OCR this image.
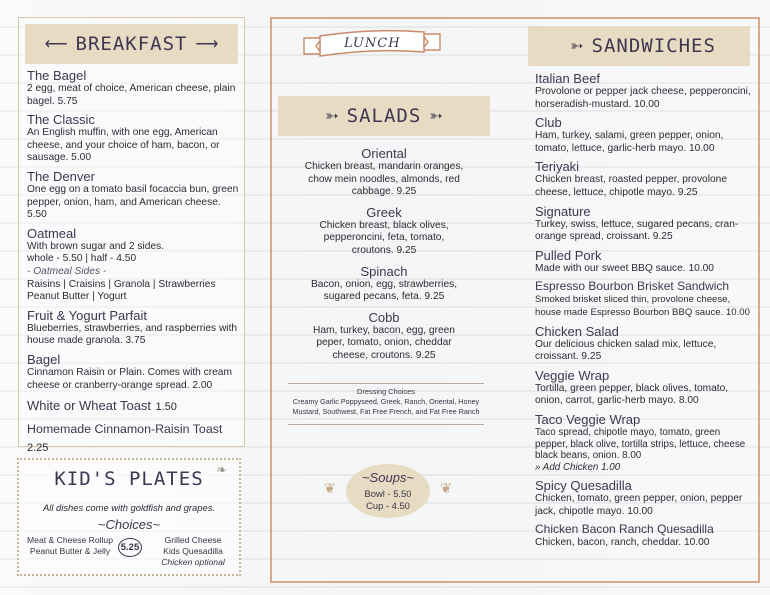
⟵ BREAKFAST ⟶
The Bagel
2 egg, meat of choice, American cheese, plain bagel. 5.75
The Classic
An English muffin, with one egg, American cheese, and your choice of ham, bacon, or sausage. 5.00
The Denver
One egg on a tomato basil focaccia bun, green pepper, onion, ham, and American cheese. 5.50
Oatmeal
With brown sugar and 2 sides.
whole - 5.50 | half - 4.50
- Oatmeal Sides -
Raisins | Craisins | Granola | Strawberries Peanut Butter | Yogurt
Fruit & Yogurt Parfait
Blueberries, strawberries, and raspberries with house made granola. 3.75
Bagel
Cinnamon Raisin or Plain. Comes with cream cheese or cranberry-orange spread. 2.00
White or Wheat Toast 1.50
Homemade Cinnamon-Raisin Toast 2.25
KID'S PLATES ❧
All dishes come with goldfish and grapes.
~Choices~
Meat & Cheese Rollup
Peanut Butter & Jelly	5.25
Grilled Cheese
Kids Quesadilla
Chicken optional
LUNCH
➳ SALADS ➳
Oriental
Chicken breast, mandarin oranges, chow mein noodles, almonds, red cabbage. 9.25
Greek
Chicken breast, black olives, pepperoncini, feta, tomato, croutons. 9.25
Spinach
Bacon, onion, egg, strawberries, sugared pecans, feta. 9.25
Cobb
Ham, turkey, bacon, egg, green peper, tomato, onion, cheddar cheese, croutons. 9.25
Dressing Choices
Creamy Garlic Poppyseed, Greek, Ranch, Oriental, Honey Mustard, Southwest, Fat Free French, and Fat Free Ranch
❦	❦
~Soups~
Bowl - 5.50
Cup - 4.50
➳ SANDWICHES
Italian Beef
Provolone or pepper jack cheese, pepperoncini, horseradish-mustard. 10.00
Club
Ham, turkey, salami, green pepper, onion, tomato, lettuce, garlic-herb mayo. 10.00
Teriyaki
Chicken breast, roasted pepper, provolone cheese, lettuce, chipotle mayo. 9.25
Signature
Turkey, swiss, lettuce, sugared pecans, cran-orange spread, croissant. 9.25
Pulled Pork
Made with our sweet BBQ sauce. 10.00
Espresso Bourbon Brisket Sandwich
Smoked brisket sliced thin, provolone cheese, house made Espresso Bourbon BBQ sauce. 10.00
Chicken Salad
Our delicious chicken salad mix, lettuce, croissant. 9.25
Veggie Wrap
Tortilla, green pepper, black olives, tomato, onion, carrot, garlic-herb mayo. 8.00
Taco Veggie Wrap
Taco spread, chipotle mayo, tomato, green pepper, black olive, tortilla strips, lettuce, cheese black beans, onion. 8.00
» Add Chicken 1.00
Spicy Quesadilla
Chicken, tomato, green pepper, onion, pepper jack, chipotle mayo. 10.00
Chicken Bacon Ranch Quesadilla
Chicken, bacon, ranch, cheddar. 10.00
